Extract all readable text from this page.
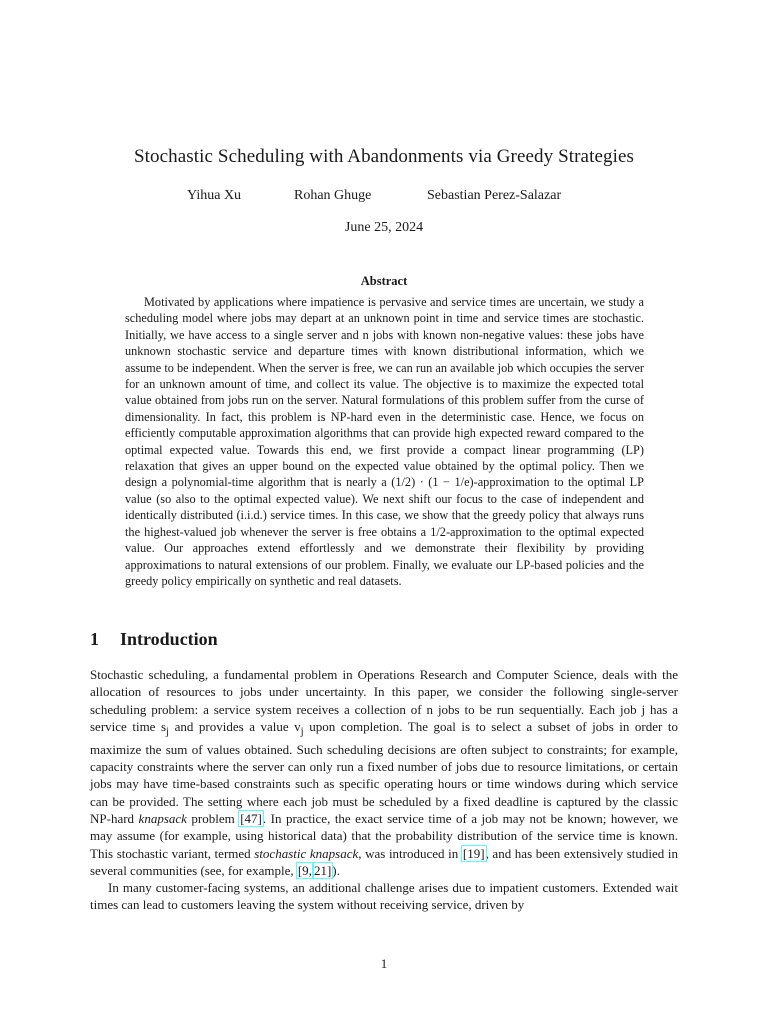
Stochastic Scheduling with Abandonments via Greedy Strategies
Yihua Xu	Rohan Ghuge	Sebastian Perez-Salazar
June 25, 2024
Abstract
Motivated by applications where impatience is pervasive and service times are uncertain, we study a scheduling model where jobs may depart at an unknown point in time and service times are stochastic. Initially, we have access to a single server and n jobs with known non-negative values: these jobs have unknown stochastic service and departure times with known distributional information, which we assume to be independent. When the server is free, we can run an available job which occupies the server for an unknown amount of time, and collect its value. The objective is to maximize the expected total value obtained from jobs run on the server. Natural formulations of this problem suffer from the curse of dimensionality. In fact, this problem is NP-hard even in the deterministic case. Hence, we focus on efficiently computable approximation algorithms that can provide high expected reward compared to the optimal expected value. Towards this end, we first provide a compact linear programming (LP) relaxation that gives an upper bound on the expected value obtained by the optimal policy. Then we design a polynomial-time algorithm that is nearly a (1/2) · (1 − 1/e)-approximation to the optimal LP value (so also to the optimal expected value). We next shift our focus to the case of independent and identically distributed (i.i.d.) service times. In this case, we show that the greedy policy that always runs the highest-valued job whenever the server is free obtains a 1/2-approximation to the optimal expected value. Our approaches extend effortlessly and we demonstrate their flexibility by providing approximations to natural extensions of our problem. Finally, we evaluate our LP-based policies and the greedy policy empirically on synthetic and real datasets.
1 Introduction

Stochastic scheduling, a fundamental problem in Operations Research and Computer Science, deals with the allocation of resources to jobs under uncertainty. In this paper, we consider the following single-server scheduling problem: a service system receives a collection of n jobs to be run sequentially. Each job j has a service time $s_j$ and provides a value $v_j$ upon completion. The goal is to select a subset of jobs in order to maximize the sum of values obtained. Such scheduling decisions are often subject to constraints; for example, capacity constraints where the server can only run a fixed number of jobs due to resource limitations, or certain jobs may have time-based constraints such as specific operating hours or time windows during which service can be provided. The setting where each job must be scheduled by a fixed deadline is captured by the classic NP-hard knapsack problem [47]. In practice, the exact service time of a job may not be known; however, we may assume (for example, using historical data) that the probability distribution of the service time is known. This stochastic variant, termed stochastic knapsack, was introduced in [19], and has been extensively studied in several communities (see, for example, [9, 21]).

In many customer-facing systems, an additional challenge arises due to impatient customers. Extended wait times can lead to customers leaving the system without receiving service, driven by

1
